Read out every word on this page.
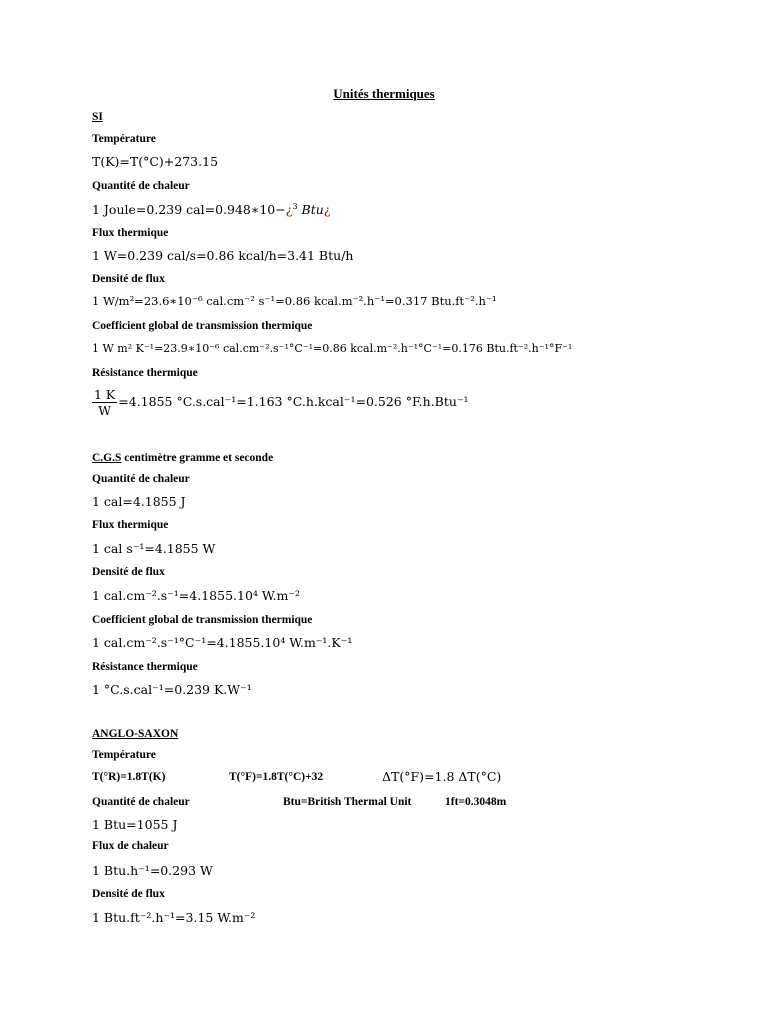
Unités thermiques
SI
Température
T(K)=T(°C)+273.15
Quantité de chaleur
1 Joule=0.239 cal=0.948∗10−¿$^3$ Btu¿
Flux thermique
1 W=0.239 cal/s=0.86 kcal/h=3.41 Btu/h
Densité de flux
1 W/m²=23.6∗10⁻⁶ cal.cm⁻² s⁻¹=0.86 kcal.m⁻².h⁻¹=0.317 Btu.ft⁻².h⁻¹
Coefficient global de transmission thermique
1 W m² K⁻¹=23.9∗10⁻⁶ cal.cm⁻².s⁻¹°C⁻¹=0.86 kcal.m⁻².h⁻¹°C⁻¹=0.176 Btu.ft⁻².h⁻¹°F⁻¹
Résistance thermique
$\frac{1 K}{W} =4.1855$ °C.s.cal⁻¹=1.163 °C.h.kcal⁻¹=0.526 °F.h.Btu⁻¹
C.G.S centimètre gramme et seconde
Quantité de chaleur
1 cal=4.1855 J
Flux thermique
1 cal s⁻¹=4.1855 W
Densité de flux
1 cal.cm⁻².s⁻¹=4.1855.10⁴ W.m⁻²
Coefficient global de transmission thermique
1 cal.cm⁻².s⁻¹°C⁻¹=4.1855.10⁴ W.m⁻¹.K⁻¹
Résistance thermique
1 °C.s.cal⁻¹=0.239 K.W⁻¹
ANGLO-SAXON
Température
T(°R)=1.8T(K)	T(°F)=1.8T(°C)+32	ΔT(°F)=1.8 ΔT(°C)
Quantité de chaleur	Btu=British Thermal Unit	1ft=0.3048m
1 Btu=1055 J
Flux de chaleur
1 Btu.h⁻¹=0.293 W
Densité de flux
1 Btu.ft⁻².h⁻¹=3.15 W.m⁻²
